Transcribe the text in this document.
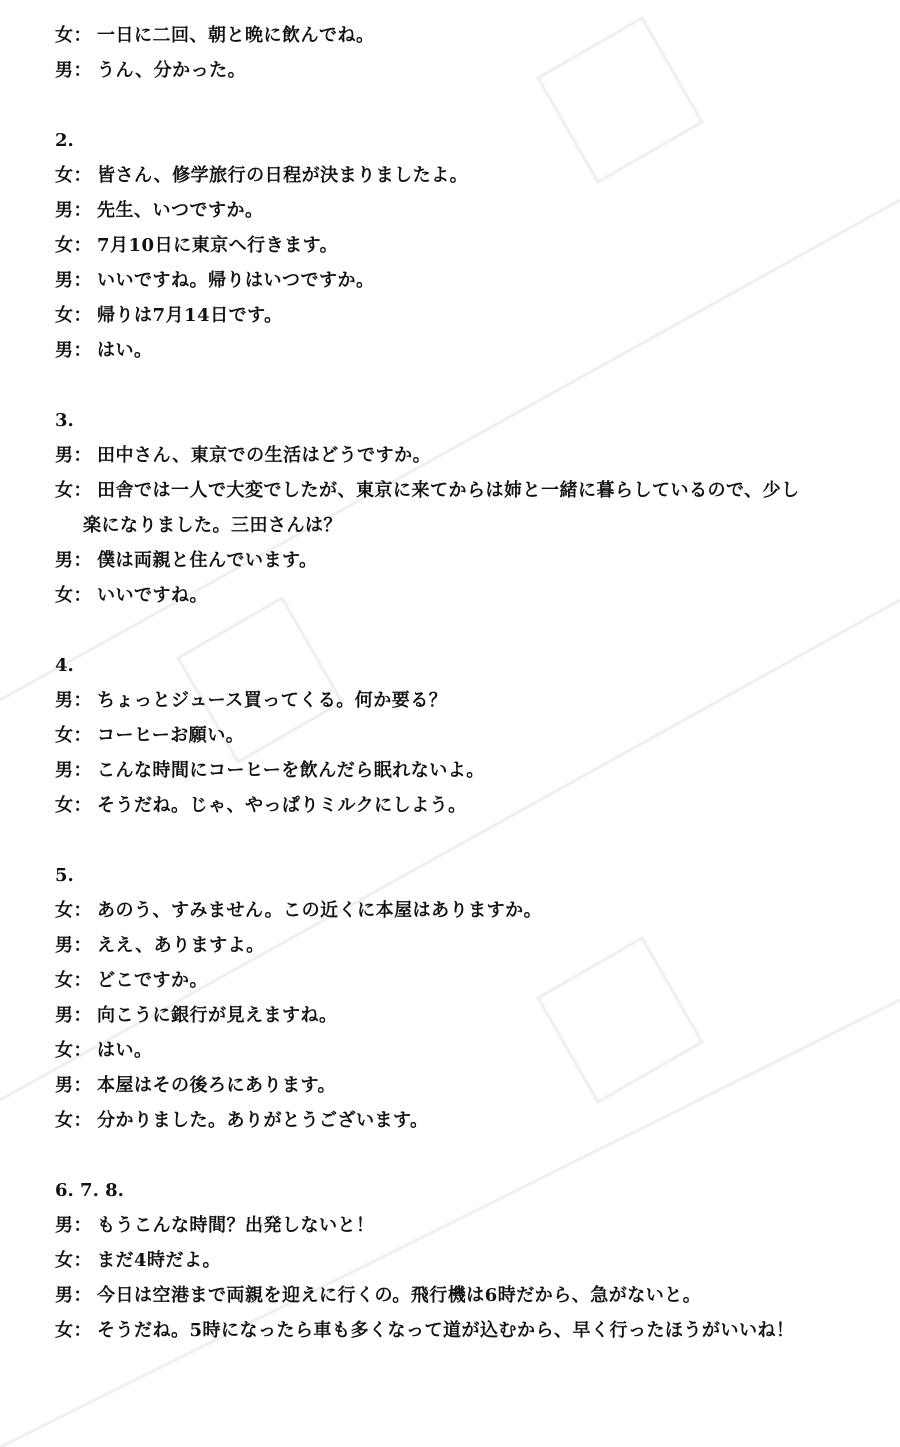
女： 一日に二回、朝と晩に飲んでね。
男： うん、分かった。
2.
女： 皆さん、修学旅行の日程が決まりましたよ。
男： 先生、いつですか。
女： 7月10日に東京へ行きます。
男： いいですね。帰りはいつですか。
女： 帰りは7月14日です。
男： はい。
3.
男： 田中さん、東京での生活はどうですか。
女： 田舎では一人で大変でしたが、東京に来てからは姉と一緒に暮らしているので、少し
楽になりました。三田さんは？
男： 僕は両親と住んでいます。
女： いいですね。
4.
男： ちょっとジュース買ってくる。何か要る？
女： コーヒーお願い。
男： こんな時間にコーヒーを飲んだら眠れないよ。
女： そうだね。じゃ、やっぱりミルクにしよう。
5.
女： あのう、すみません。この近くに本屋はありますか。
男： ええ、ありますよ。
女： どこですか。
男： 向こうに銀行が見えますね。
女： はい。
男： 本屋はその後ろにあります。
女： 分かりました。ありがとうございます。
6. 7. 8.
男： もうこんな時間？出発しないと！
女： まだ4時だよ。
男： 今日は空港まで両親を迎えに行くの。飛行機は6時だから、急がないと。
女： そうだね。5時になったら車も多くなって道が込むから、早く行ったほうがいいね！
